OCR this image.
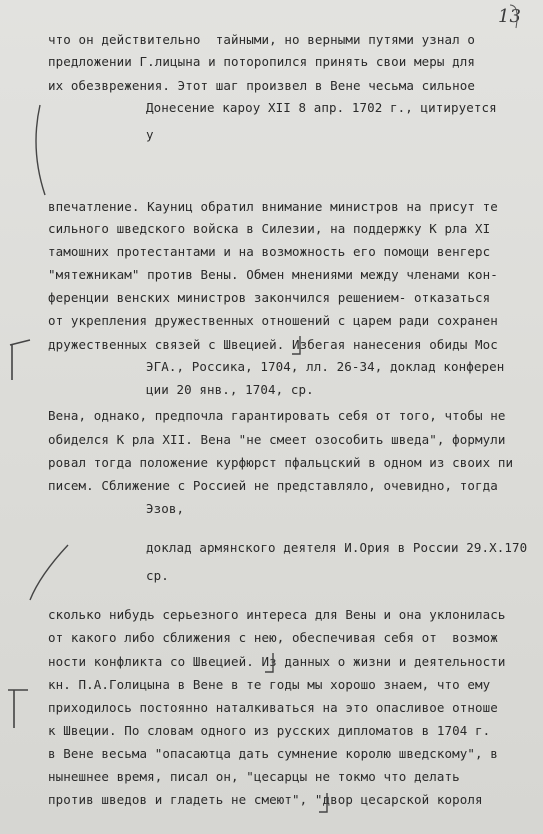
13
что он действительно  тайными, но верными путями узнал о
предложении Г.лицына и поторопился принять свои меры для
их обезврежения. Этот шаг произвел в Вене чесьма сильное
Донесение кароу XII 8 апр. 1702 г., цитируется
у
впечатление. Кауниц обратил внимание министров на присут те
сильного шведского войска в Силезии, на поддержку К рла XI
тамошних протестантами и на возможность его помощи венгерс
"мятежникам" против Вены. Обмен мнениями между членами кон-
ференции венских министров закончился решением- отказаться
от укрепления дружественных отношений с царем ради сохранен
дружественных связей с Швецией. Избегая нанесения обиды Мос
ЭГА., Россика, 1704, лл. 26-34, доклад конферен
ции 20 янв., 1704, ср.
Вена, однако, предпочла гарантировать себя от того, чтобы не
обиделся К рла XII. Вена "не смеет озособить шведа", формули
ровал тогда положение курфюрст пфальцский в одном из своих пи
писем. Сближение с Россией не представляло, очевидно, тогда
Эзов,
доклад армянского деятеля И.Ория в России 29.X.170
ср.
сколько нибудь серьезного интереса для Вены и она уклонилась
от какого либо сближения с нею, обеспечивая себя от  возмож
ности конфликта со Швецией. Из данных о жизни и деятельности
кн. П.А.Голицына в Вене в те годы мы хорошо знаем, что ему
приходилось постоянно наталкиваться на это опасливое отноше
к Швеции. По словам одного из русских дипломатов в 1704 г.
в Вене весьма "опасаютца дать сумнение королю шведскому", в
нынешнее время, писал он, "цесарцы не токмо что делать
против шведов и гладеть не смеют", "двор цесарской короля
